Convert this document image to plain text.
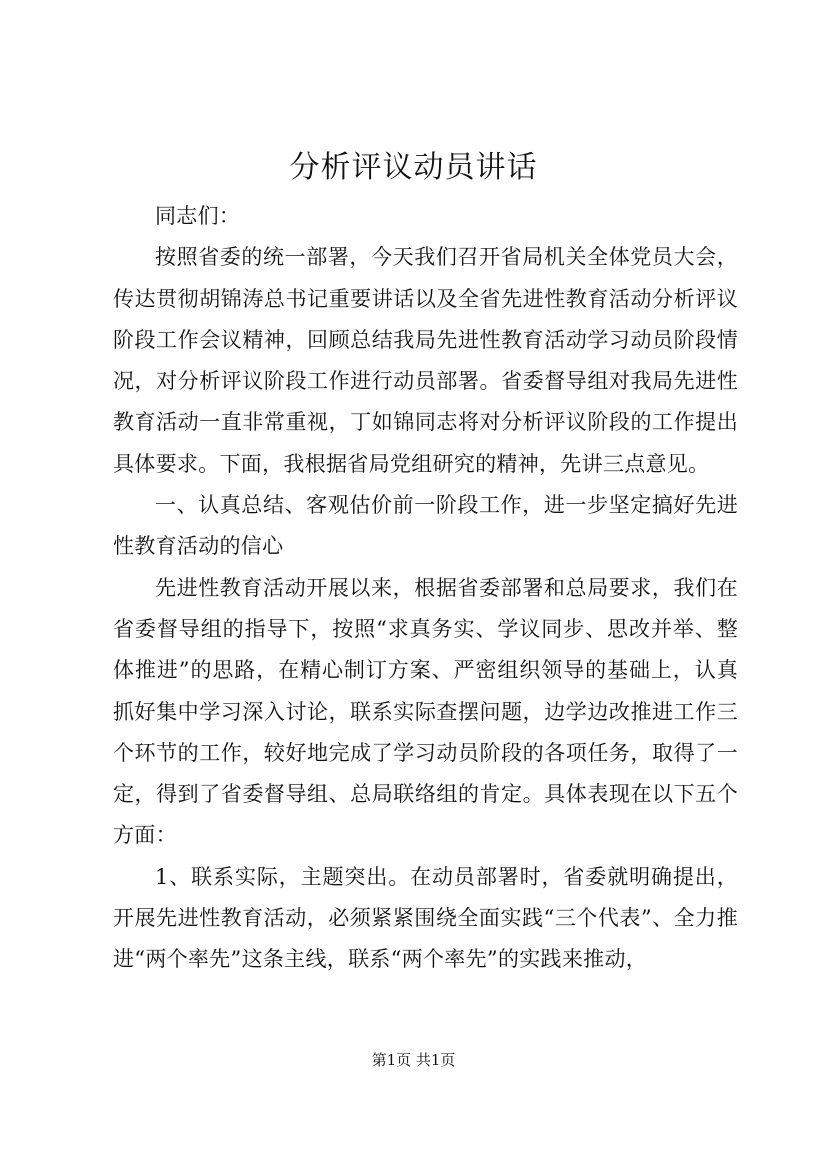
分析评议动员讲话

同志们：

按照省委的统一部署，今天我们召开省局机关全体党员大会，传达贯彻胡锦涛总书记重要讲话以及全省先进性教育活动分析评议阶段工作会议精神，回顾总结我局先进性教育活动学习动员阶段情况，对分析评议阶段工作进行动员部署。省委督导组对我局先进性教育活动一直非常重视，丁如锦同志将对分析评议阶段的工作提出具体要求。下面，我根据省局党组研究的精神，先讲三点意见。

一、认真总结、客观估价前一阶段工作，进一步坚定搞好先进性教育活动的信心

先进性教育活动开展以来，根据省委部署和总局要求，我们在省委督导组的指导下，按照“求真务实、学议同步、思改并举、整体推进”的思路，在精心制订方案、严密组织领导的基础上，认真抓好集中学习深入讨论，联系实际查摆问题，边学边改推进工作三个环节的工作，较好地完成了学习动员阶段的各项任务，取得了一定，得到了省委督导组、总局联络组的肯定。具体表现在以下五个方面：

1、联系实际，主题突出。在动员部署时，省委就明确提出，开展先进性教育活动，必须紧紧围绕全面实践“三个代表”、全力推进“两个率先”这条主线，联系“两个率先”的实践来推动，

第1页 共1页
